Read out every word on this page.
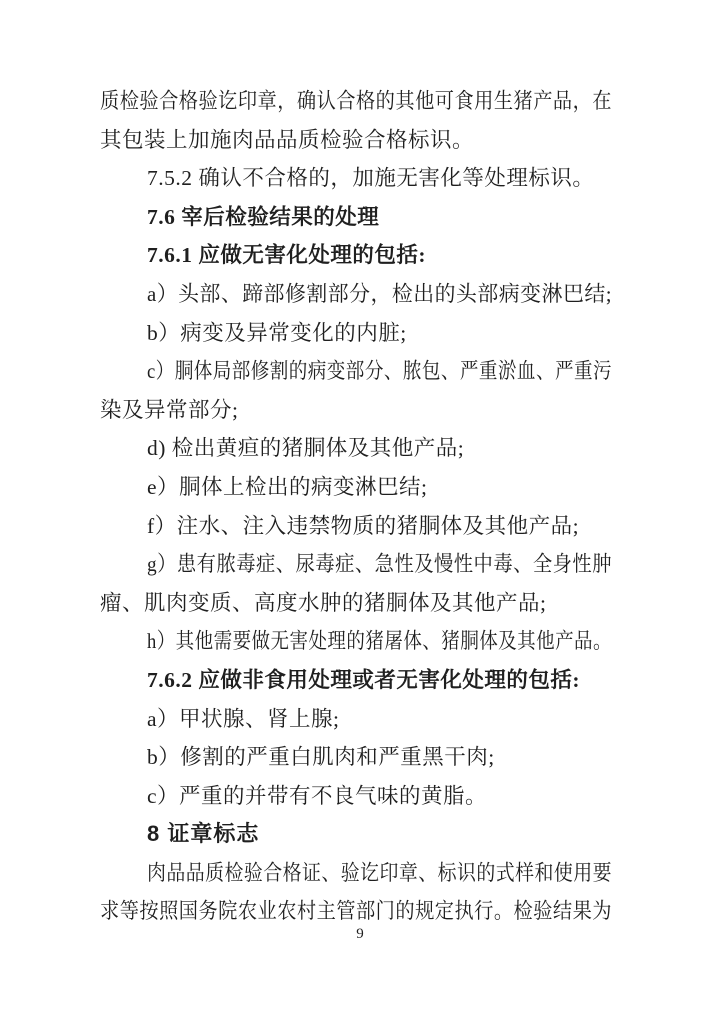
质检验合格验讫印章，确认合格的其他可食用生猪产品，在
其包装上加施肉品品质检验合格标识。
7.5.2 确认不合格的，加施无害化等处理标识。
7.6 宰后检验结果的处理
7.6.1 应做无害化处理的包括:
a）头部、蹄部修割部分，检出的头部病变淋巴结;
b）病变及异常变化的内脏;
c）胴体局部修割的病变部分、脓包、严重淤血、严重污
染及异常部分;
d) 检出黄疸的猪胴体及其他产品;
e）胴体上检出的病变淋巴结;
f）注水、注入违禁物质的猪胴体及其他产品;
g）患有脓毒症、尿毒症、急性及慢性中毒、全身性肿
瘤、肌肉变质、高度水肿的猪胴体及其他产品;
h）其他需要做无害处理的猪屠体、猪胴体及其他产品。
7.6.2 应做非食用处理或者无害化处理的包括:
a）甲状腺、肾上腺;
b）修割的严重白肌肉和严重黑干肉;
c）严重的并带有不良气味的黄脂。
8 证章标志
肉品品质检验合格证、验讫印章、标识的式样和使用要
求等按照国务院农业农村主管部门的规定执行。检验结果为
9
